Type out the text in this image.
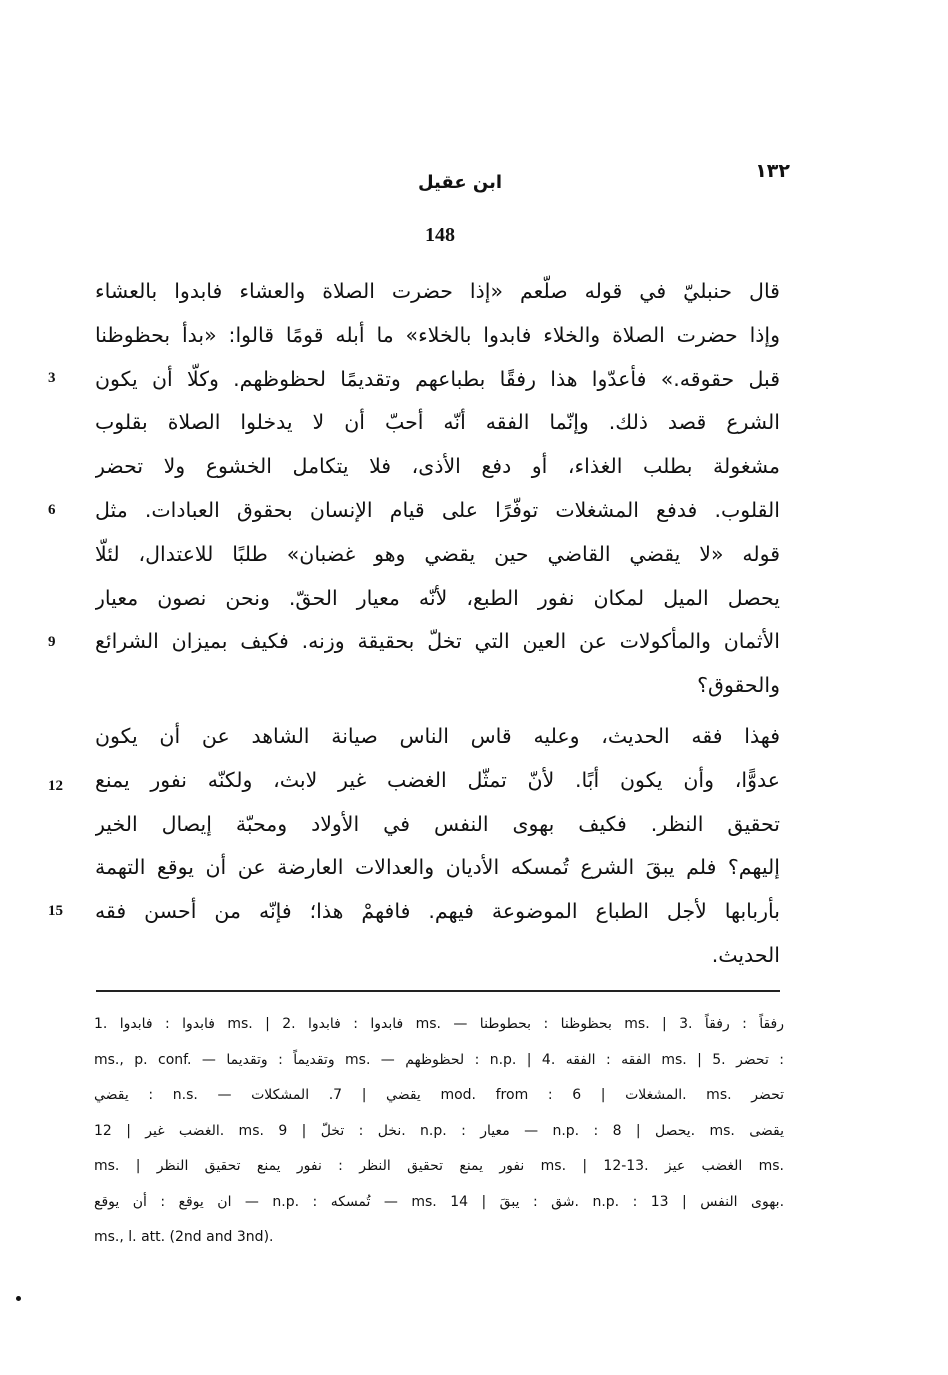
١٣٢
ابن عقيل
148
قال حنبليّ في قوله صلّعم «إذا حضرت الصلاة والعشاء فابدوا بالعشاء
وإذا حضرت الصلاة والخلاء فابدوا بالخلاء» ما أبله قومًا قالوا: «بدأ بحظوظنا
قبل حقوقه.» فأعدّوا هذا رفقًا بطباعهم وتقديمًا لحظوظهم. وكلّا أن يكون
الشرع قصد ذلك. وإنّما الفقه أنّه أحبّ أن لا يدخلوا الصلاة بقلوب
مشغولة بطلب الغذاء، أو دفع الأذى، فلا يتكامل الخشوع ولا تحضر
القلوب. فدفع المشغلات توفّرًا على قيام الإنسان بحقوق العبادات. مثل
قوله «لا يقضي القاضي حين يقضي وهو غضبان» طلبًا للاعتدال، لئلّا
يحصل الميل لمكان نفور الطبع، لأنّه معيار الحقّ. ونحن نصون معيار
الأثمان والمأكولات عن العين التي تخلّ بحقيقة وزنه. فكيف بميزان الشرائع
والحقوق؟
فهذا فقه الحديث، وعليه قاس الناس صيانة الشاهد عن أن يكون
عدوًّا، وأن يكون أبًا. لأنّ تمثّل الغضب غير لابث، ولكنّه نفور يمنع
تحقيق النظر. فكيف بهوى النفس في الأولاد ومحبّة إيصال الخير
إليهم؟ فلم يبقَ الشرع تُمسكه الأديان والعدالات العارضة عن أن يوقع التهمة
بأربابها لأجل الطباع الموضوعة فيهم. فافهمْ هذا؛ فإنّه من أحسن فقه
الحديث.
3
6
9
12
15
1. فابدوا : فابدوا ms. | 2. فابدوا : فابدوا ms. — بحظوظنا : بحطوطنا ms. | 3. رفقاً : رفقاً
ms., p. conf. — وتقديماً : وتقديما ms. — لحظوظهم : n.p. | 4. الفقه : الفقه ms. | 5. تحضر :
يقضي : n.s. — يقضي | 7. المشكلات mod. from : المشغلات | 6. ms. تحضر
الغضب غير | 12. ms. نخل : تخلّ | 9. n.p. : معيار — n.p. : يحصل | 8. ms. يقضى
ms. | نفور يمنع تحقيق النظر : نفور يمنع تحقيق النظر ms. | 12-13. الغضب عيز ms.
ان يوقع : أن يوقع — n.p. : تُمسكه — ms. شق : يبقَ | 14. n.p. : بهوى النفس | 13.
ms., l. att. (2nd and 3nd).
